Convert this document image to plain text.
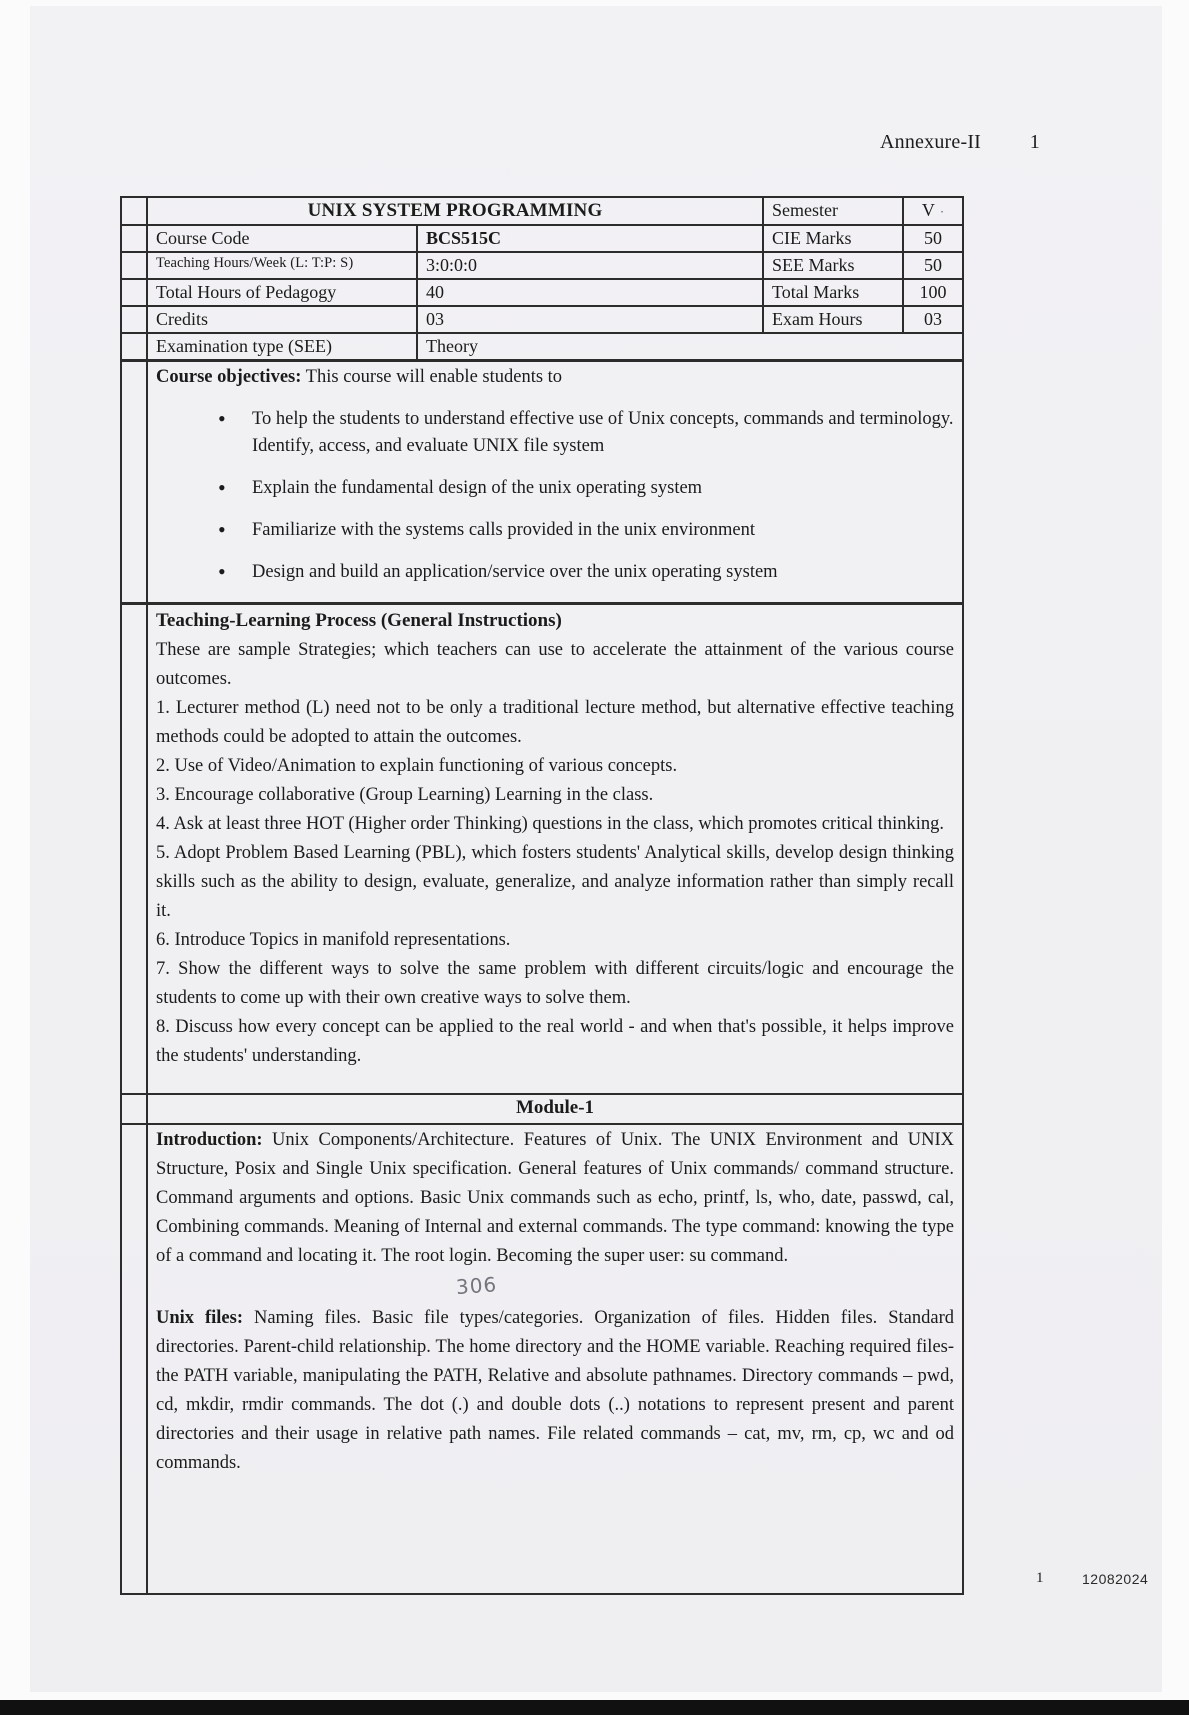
Annexure-II 1
	UNIX SYSTEM PROGRAMMING		Semester	V ·
	Course Code	BCS515C	CIE Marks	50
	Teaching Hours/Week (L: T:P: S)	3:0:0:0	SEE Marks	50
	Total Hours of Pedagogy	40	Total Marks	100
	Credits	03	Exam Hours	03
	Examination type (SEE)	Theory		

Course objectives: This course will enable students to

• To help the students to understand effective use of Unix concepts, commands and terminology. Identify, access, and evaluate UNIX file system
• Explain the fundamental design of the unix operating system
• Familiarize with the systems calls provided in the unix environment
• Design and build an application/service over the unix operating system

Teaching-Learning Process (General Instructions)

These are sample Strategies; which teachers can use to accelerate the attainment of the various course outcomes.

1. Lecturer method (L) need not to be only a traditional lecture method, but alternative effective teaching methods could be adopted to attain the outcomes.

2. Use of Video/Animation to explain functioning of various concepts.

3. Encourage collaborative (Group Learning) Learning in the class.

4. Ask at least three HOT (Higher order Thinking) questions in the class, which promotes critical thinking.

5. Adopt Problem Based Learning (PBL), which fosters students' Analytical skills, develop design thinking skills such as the ability to design, evaluate, generalize, and analyze information rather than simply recall it.

6. Introduce Topics in manifold representations.

7. Show the different ways to solve the same problem with different circuits/logic and encourage the students to come up with their own creative ways to solve them.

8. Discuss how every concept can be applied to the real world - and when that's possible, it helps improve the students' understanding.

	Module-1			

	Introduction: Unix Components/Architecture. Features of Unix. The UNIX Environment and UNIX Structure, Posix and Single Unix specification. General features of Unix commands/ command structure. Command arguments and options. Basic Unix commands such as echo, printf, ls, who, date, passwd, cal, Combining commands. Meaning of Internal and external commands. The type command: knowing the type of a command and locating it. The root login. Becoming the super user: su command.

306

Unix files: Naming files. Basic file types/categories. Organization of files. Hidden files. Standard directories. Parent-child relationship. The home directory and the HOME variable. Reaching required files- the PATH variable, manipulating the PATH, Relative and absolute pathnames. Directory commands – pwd, cd, mkdir, rmdir commands. The dot (.) and double dots (..) notations to represent present and parent directories and their usage in relative path names. File related commands – cat, mv, rm, cp, wc and od commands.			

1	12082024
